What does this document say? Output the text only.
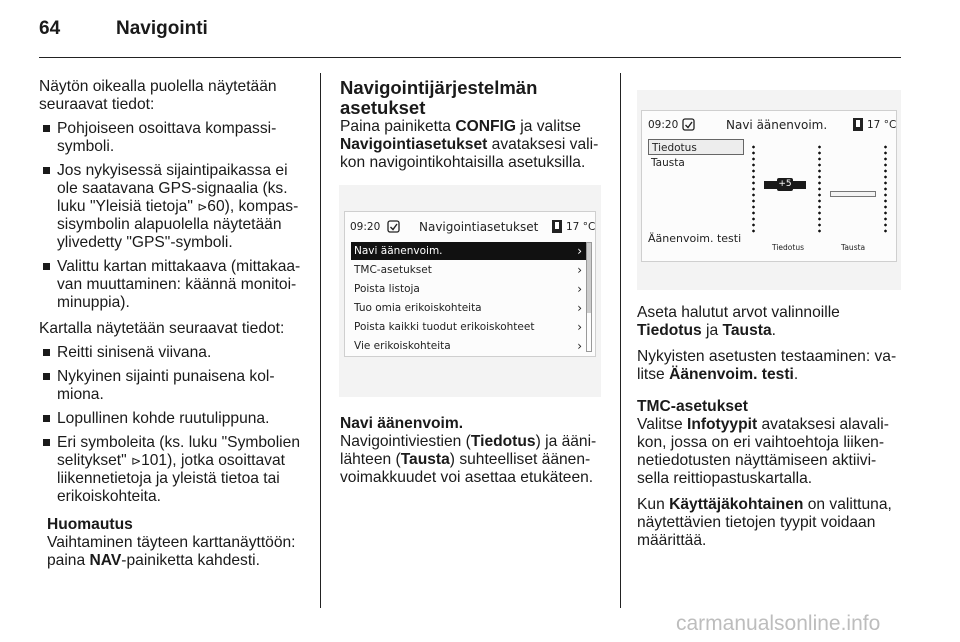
64	Navigointi

Näytön oikealla puolella näytetään seuraavat tiedot:

Pohjoiseen osoittava kompassi-symboli.
Jos nykyisessä sijaintipaikassa ei ole saatavana GPS-signaalia (ks. luku "Yleisiä tietoja" ⊳60), kompas-sisymbolin alapuolella näytetään ylivedetty "GPS"-symboli.
Valittu kartan mittakaava (mittakaa-van muuttaminen: käännä monitoi-minuppia).

Kartalla näytetään seuraavat tiedot:

Reitti sinisenä viivana.
Nykyinen sijainti punaisena kol-miona.
Lopullinen kohde ruutulippuna.
Eri symboleita (ks. luku "Symbolien selitykset" ⊳101), jotka osoittavat liikennetietoja ja yleistä tietoa tai erikoiskohteita.

Huomautus

Vaihtaminen täyteen karttanäyttöön:
paina NAV-painiketta kahdesti.

Navigointijärjestelmän asetukset

Paina painiketta CONFIG ja valitse Navigointiasetukset avataksesi vali-kon navigointikohtaisilla asetuksilla.

09:20	Navigointiasetukset	17 °C
Navi äänenvoim.	›
TMC-asetukset	›
Poista listoja	›
Tuo omia erikoiskohteita	›
Poista kaikki tuodut erikoiskohteet	›
Vie erikoiskohteita	›

Navi äänenvoim.

Navigointiviestien (Tiedotus) ja ääni-lähteen (Tausta) suhteelliset äänen-voimakkuudet voi asettaa etukäteen.

09:20	Navi äänenvoim.	17 °C
Tiedotus
Tausta
Äänenvoim. testi
+5
Tiedotus	Tausta

Aseta halutut arvot valinnoille
Tiedotus ja Tausta.

Nykyisten asetusten testaaminen: va-litse Äänenvoim. testi.

TMC-asetukset

Valitse Infotyypit avataksesi alavali-kon, jossa on eri vaihtoehtoja liiken-netiedotusten näyttämiseen aktiivi-sella reittiopastuskartalla.

Kun Käyttäjäkohtainen on valittuna, näytettävien tietojen tyypit voidaan määrittää.

carmanualsonline.info
